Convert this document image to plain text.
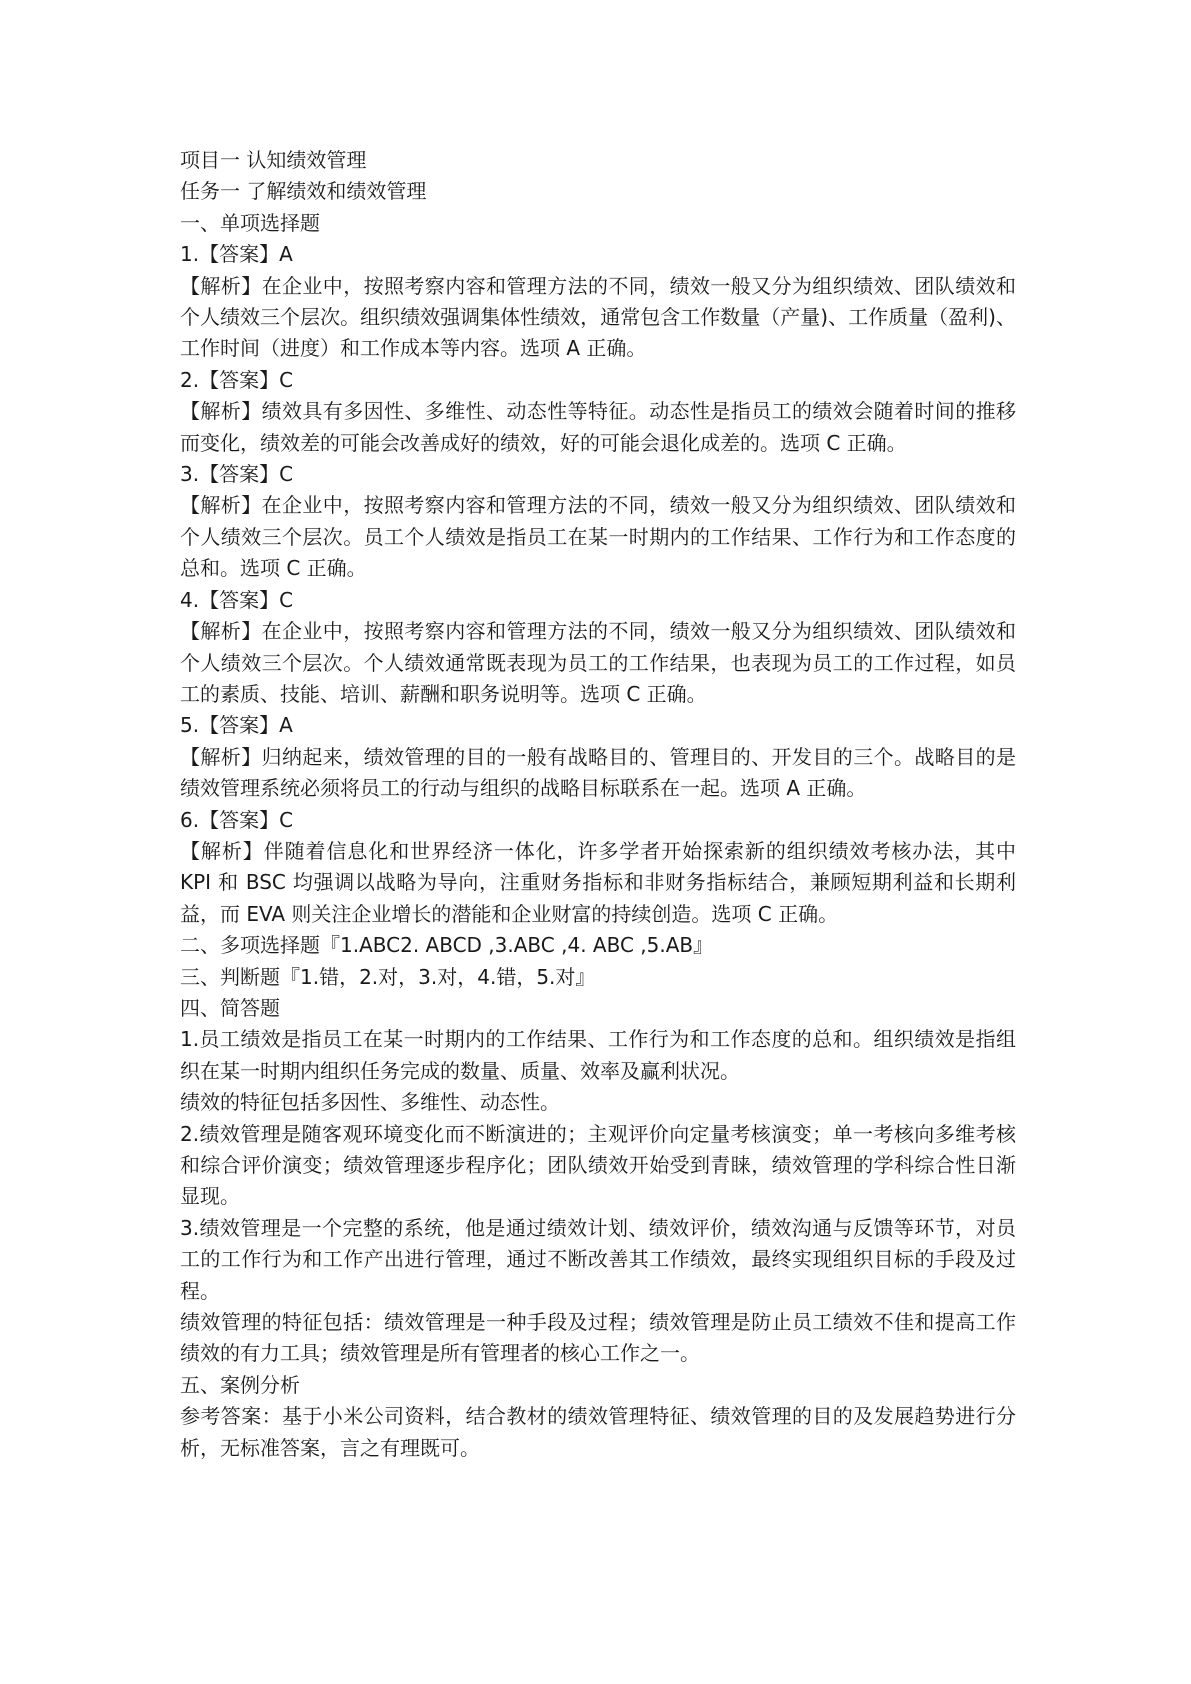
项目一 认知绩效管理

任务一 了解绩效和绩效管理

一、单项选择题

1.【答案】A

【解析】在企业中，按照考察内容和管理方法的不同，绩效一般又分为组织绩效、团队绩效和个人绩效三个层次。组织绩效强调集体性绩效，通常包含工作数量（产量)、工作质量（盈利)、工作时间（进度）和工作成本等内容。选项 A 正确。

2.【答案】C

【解析】绩效具有多因性、多维性、动态性等特征。动态性是指员工的绩效会随着时间的推移而变化，绩效差的可能会改善成好的绩效，好的可能会退化成差的。选项 C 正确。

3.【答案】C

【解析】在企业中，按照考察内容和管理方法的不同，绩效一般又分为组织绩效、团队绩效和个人绩效三个层次。员工个人绩效是指员工在某一时期内的工作结果、工作行为和工作态度的总和。选项 C 正确。

4.【答案】C

【解析】在企业中，按照考察内容和管理方法的不同，绩效一般又分为组织绩效、团队绩效和个人绩效三个层次。个人绩效通常既表现为员工的工作结果，也表现为员工的工作过程，如员工的素质、技能、培训、薪酬和职务说明等。选项 C 正确。

5.【答案】A

【解析】归纳起来，绩效管理的目的一般有战略目的、管理目的、开发目的三个。战略目的是绩效管理系统必须将员工的行动与组织的战略目标联系在一起。选项 A 正确。

6.【答案】C

【解析】伴随着信息化和世界经济一体化，许多学者开始探索新的组织绩效考核办法，其中 KPI 和 BSC 均强调以战略为导向，注重财务指标和非财务指标结合，兼顾短期利益和长期利益，而 EVA 则关注企业增长的潜能和企业财富的持续创造。选项 C 正确。

二、多项选择题『1.ABC2. ABCD ,3.ABC ,4. ABC ,5.AB』

三、判断题『1.错，2.对，3.对，4.错，5.对』

四、简答题

1.员工绩效是指员工在某一时期内的工作结果、工作行为和工作态度的总和。组织绩效是指组织在某一时期内组织任务完成的数量、质量、效率及赢利状况。

绩效的特征包括多因性、多维性、动态性。

2.绩效管理是随客观环境变化而不断演进的；主观评价向定量考核演变；单一考核向多维考核和综合评价演变；绩效管理逐步程序化；团队绩效开始受到青睐，绩效管理的学科综合性日渐显现。

3.绩效管理是一个完整的系统，他是通过绩效计划、绩效评价，绩效沟通与反馈等环节，对员工的工作行为和工作产出进行管理，通过不断改善其工作绩效，最终实现组织目标的手段及过程。

绩效管理的特征包括：绩效管理是一种手段及过程；绩效管理是防止员工绩效不佳和提高工作绩效的有力工具；绩效管理是所有管理者的核心工作之一。

五、案例分析

参考答案：基于小米公司资料，结合教材的绩效管理特征、绩效管理的目的及发展趋势进行分析，无标准答案，言之有理既可。
